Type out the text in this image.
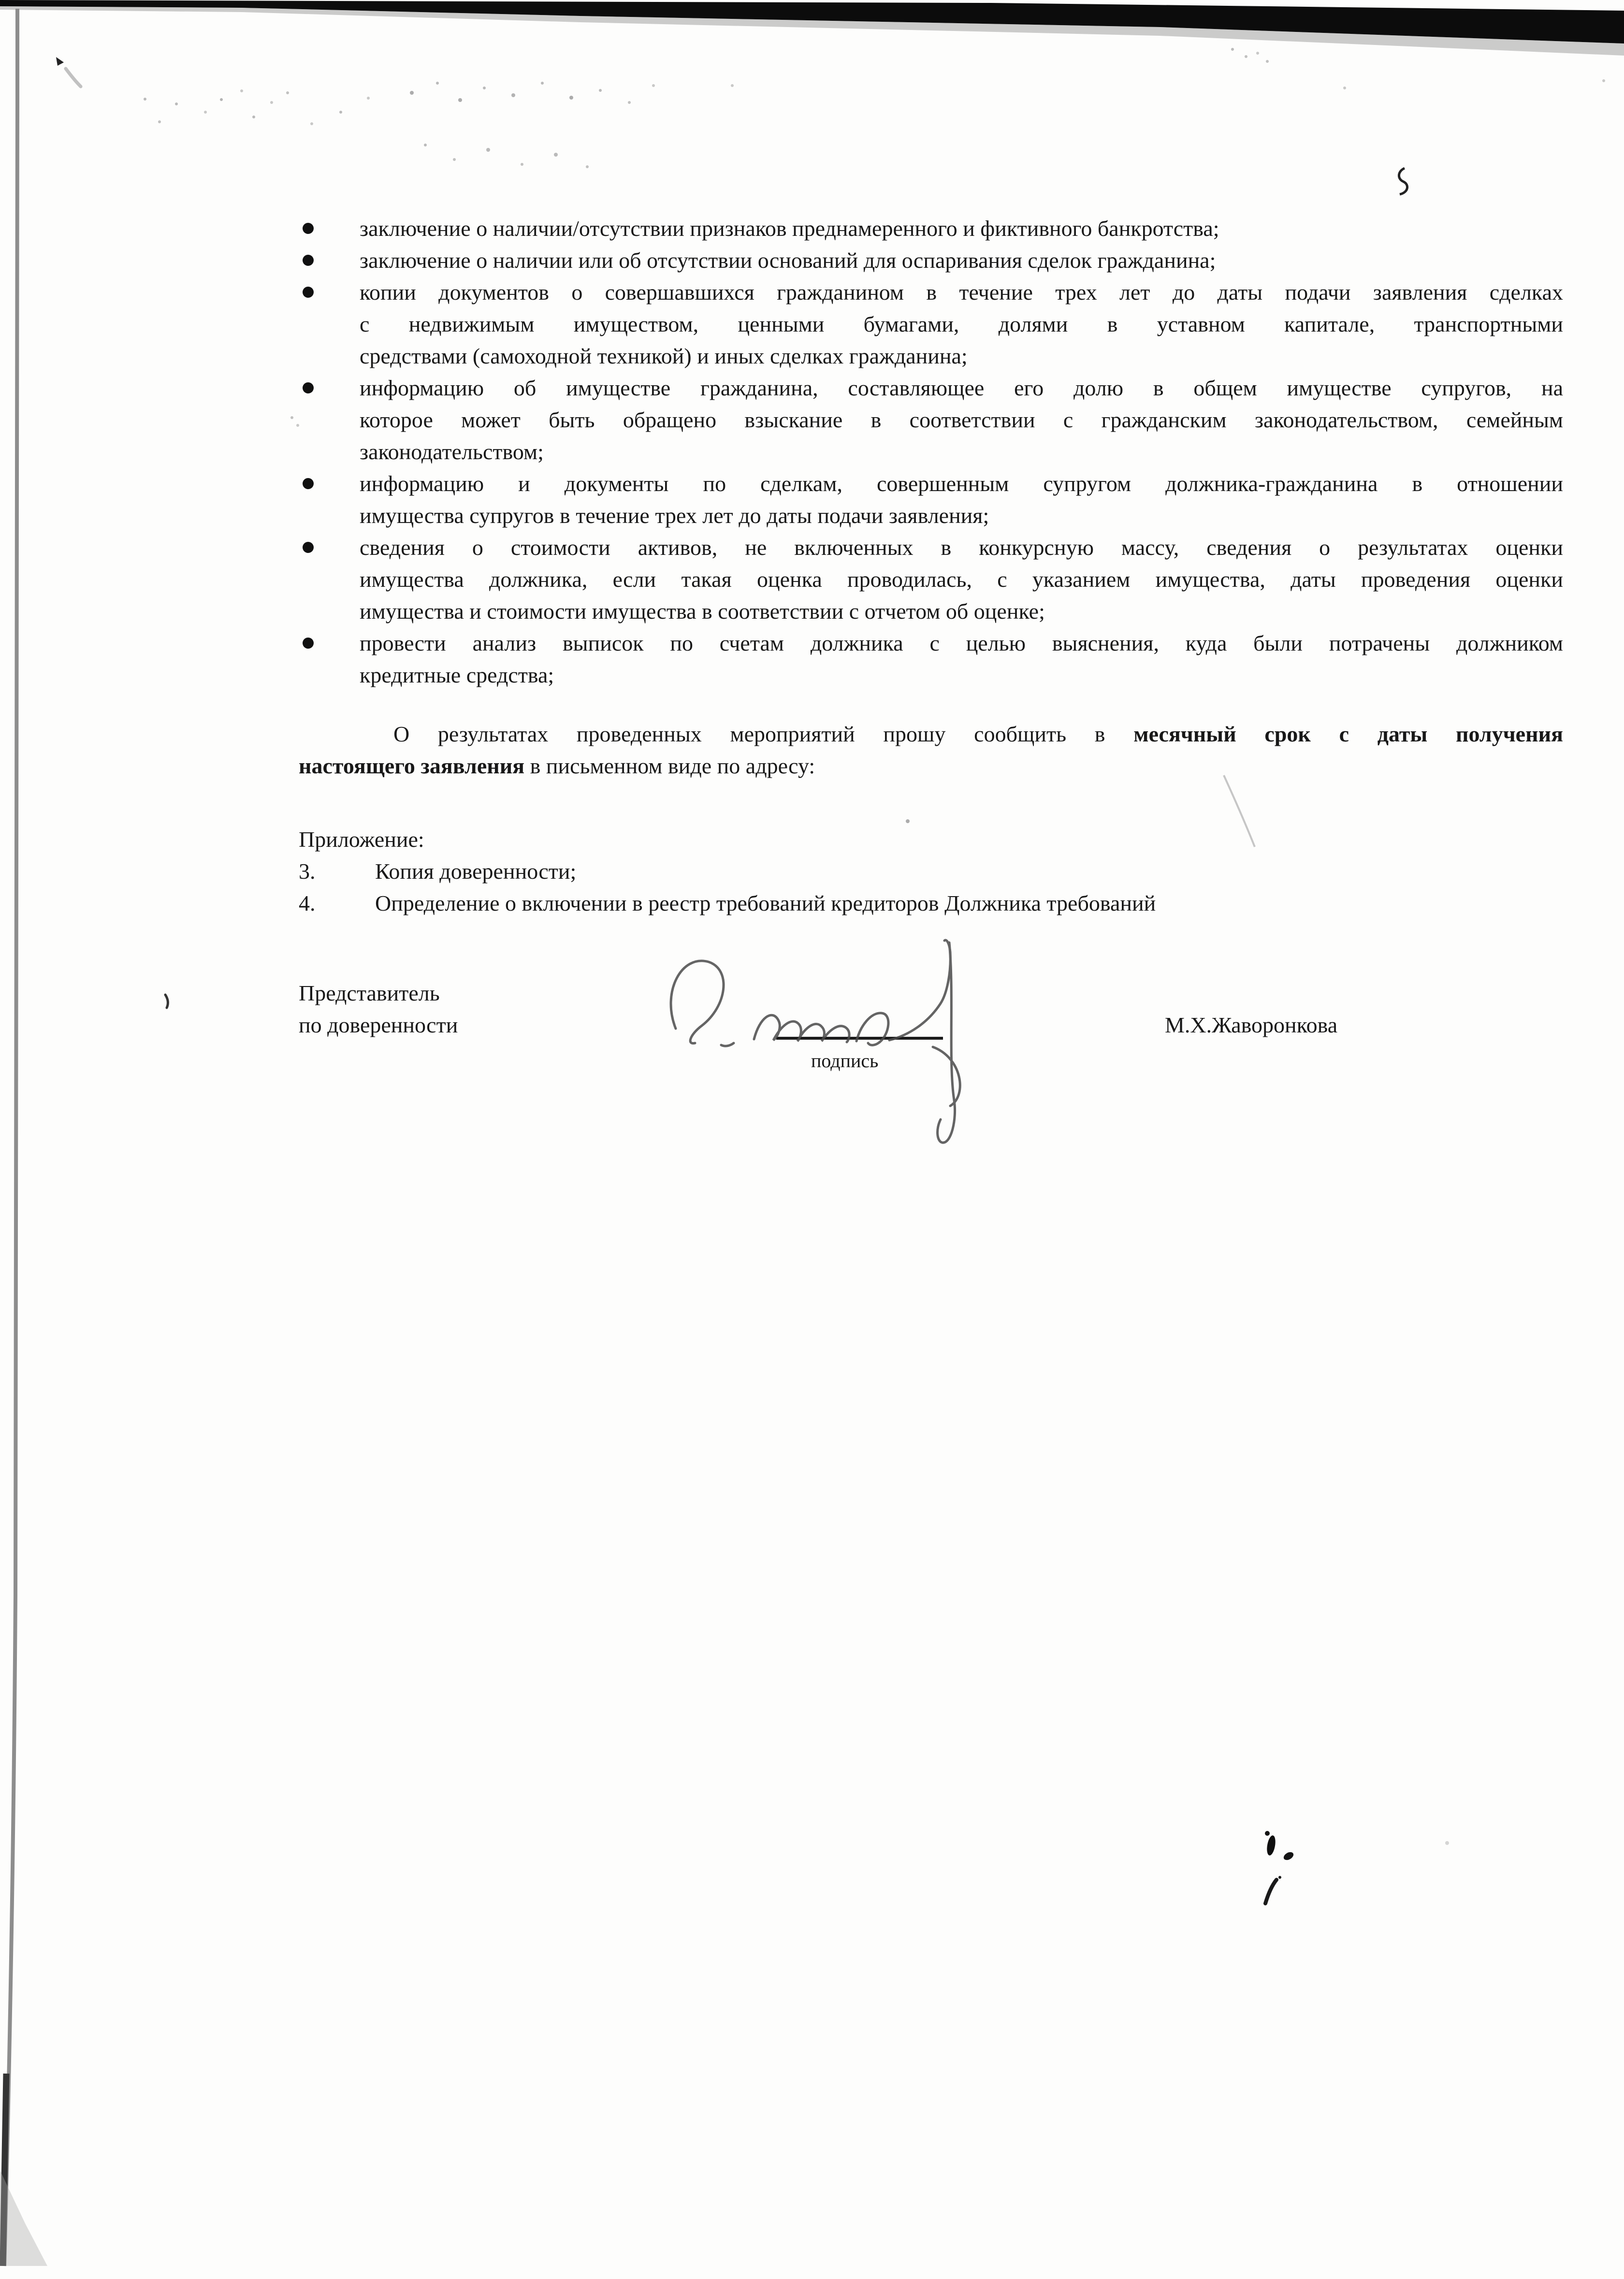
заключение о наличии/отсутствии признаков преднамеренного и фиктивного банкротства;
заключение о наличии или об отсутствии оснований для оспаривания сделок гражданина;
копии документов о совершавшихся гражданином в течение трех лет до даты подачи заявления сделках
с недвижимым имуществом, ценными бумагами, долями в уставном капитале, транспортными
средствами (самоходной техникой) и иных сделках гражданина;
информацию об имуществе гражданина, составляющее его долю в общем имуществе супругов, на
которое может быть обращено взыскание в соответствии с гражданским законодательством, семейным
законодательством;
информацию и документы по сделкам, совершенным супругом должника-гражданина в отношении
имущества супругов в течение трех лет до даты подачи заявления;
сведения о стоимости активов, не включенных в конкурсную массу, сведения о результатах оценки
имущества должника, если такая оценка проводилась, с указанием имущества, даты проведения оценки
имущества и стоимости имущества в соответствии с отчетом об оценке;
провести анализ выписок по счетам должника с целью выяснения, куда были потрачены должником
кредитные средства;
О результатах проведенных мероприятий прошу сообщить в месячный срок с даты получения
настоящего заявления в письменном виде по адресу:
Приложение:
3.	Копия доверенности;
4.	Определение о включении в реестр требований кредиторов Должника требований
Представитель
по доверенности
подпись
М.Х.Жаворонкова
